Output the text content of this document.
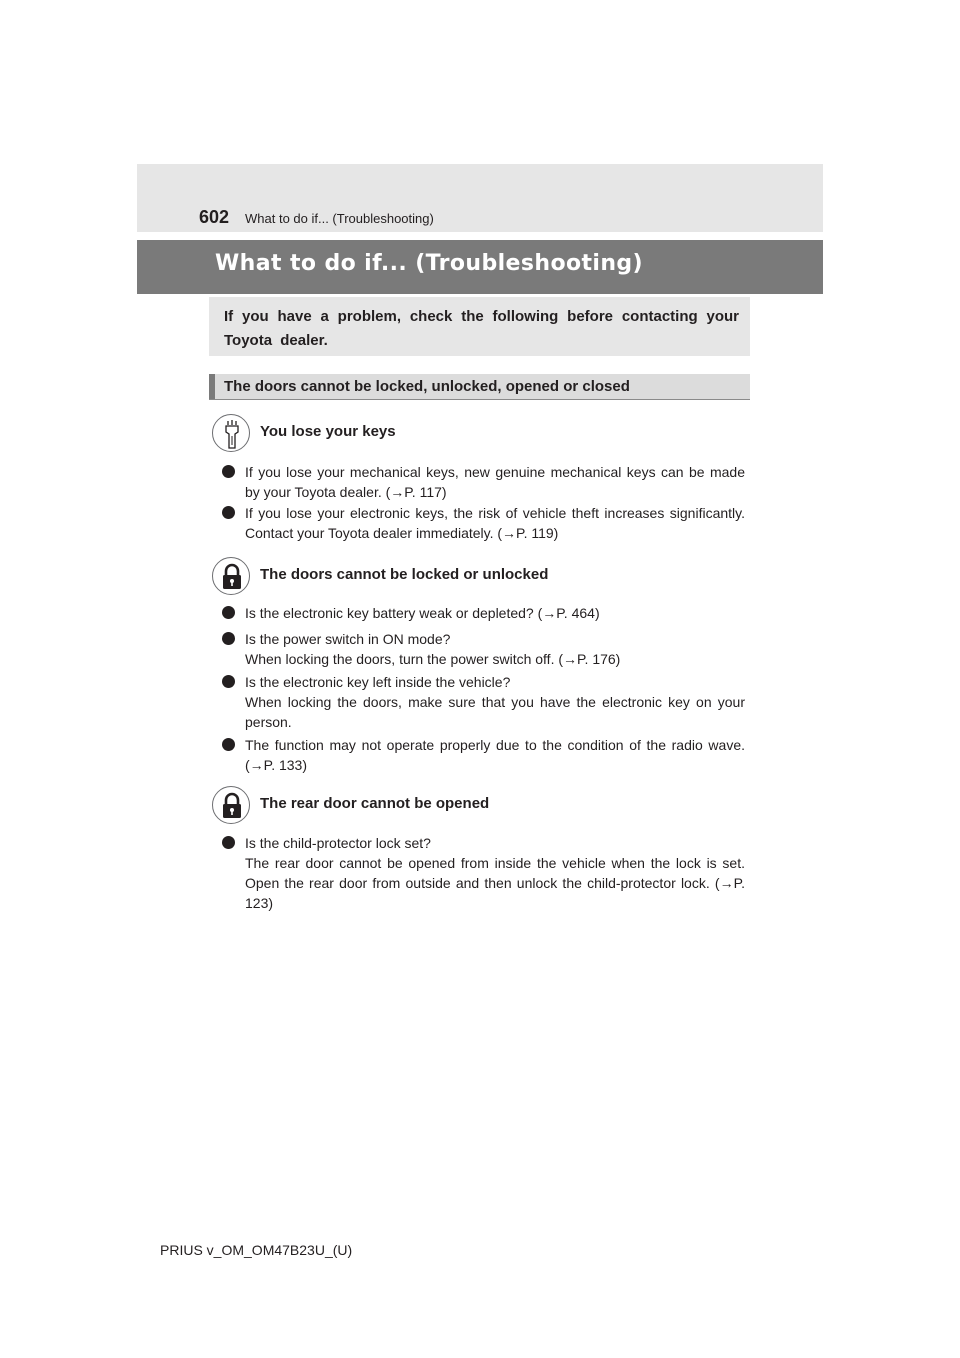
602 What to do if... (Troubleshooting)
What to do if... (Troubleshooting)
If you have a problem, check the following before contacting your Toyota dealer.
The doors cannot be locked, unlocked, opened or closed
You lose your keys
If you lose your mechanical keys, new genuine mechanical keys can be made by your Toyota dealer. (→P. 117)
If you lose your electronic keys, the risk of vehicle theft increases significantly. Contact your Toyota dealer immediately. (→P. 119)
The doors cannot be locked or unlocked
Is the electronic key battery weak or depleted? (→P. 464)
Is the power switch in ON mode?
When locking the doors, turn the power switch off. (→P. 176)
Is the electronic key left inside the vehicle?
When locking the doors, make sure that you have the electronic key on your person.
The function may not operate properly due to the condition of the radio wave. (→P. 133)
The rear door cannot be opened
Is the child-protector lock set?
The rear door cannot be opened from inside the vehicle when the lock is set. Open the rear door from outside and then unlock the child-protector lock. (→P. 123)
PRIUS v_OM_OM47B23U_(U)
